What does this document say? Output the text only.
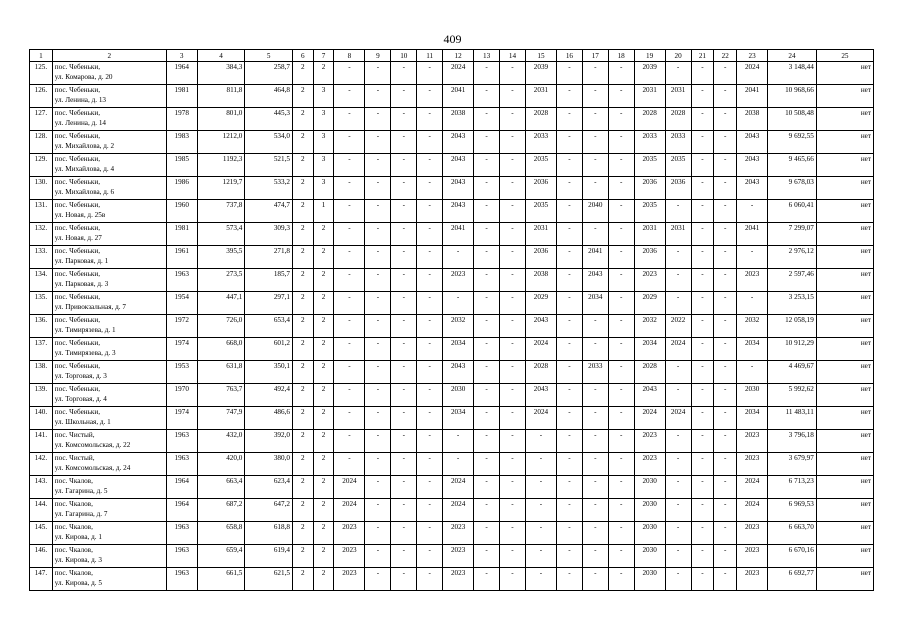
409
1	2	3	4	5	6	7	8	9	10	11	12	13	14	15	16	17	18	19	20	21	22	23	24	25
125.	пос. Чебеньки,
ул. Комарова, д. 20	1964	384,3	258,7	2	2	-	-	-	-	2024	-	-	2039	-	-	-	2039	-	-	-	2024	3 148,44	нет
126.	пос. Чебеньки,
ул. Ленина, д. 13	1981	811,8	464,8	2	3	-	-	-	-	2041	-	-	2031	-	-	-	2031	2031	-	-	2041	10 968,66	нет
127.	пос. Чебеньки,
ул. Ленина, д. 14	1978	801,0	445,3	2	3	-	-	-	-	2038	-	-	2028	-	-	-	2028	2028	-	-	2038	10 508,48	нет
128.	пос. Чебеньки,
ул. Михайлова, д. 2	1983	1212,0	534,0	2	3	-	-	-	-	2043	-	-	2033	-	-	-	2033	2033	-	-	2043	9 692,55	нет
129.	пос. Чебеньки,
ул. Михайлова, д. 4	1985	1192,3	521,5	2	3	-	-	-	-	2043	-	-	2035	-	-	-	2035	2035	-	-	2043	9 465,66	нет
130.	пос. Чебеньки,
ул. Михайлова, д. 6	1986	1219,7	533,2	2	3	-	-	-	-	2043	-	-	2036	-	-	-	2036	2036	-	-	2043	9 678,03	нет
131.	пос. Чебеньки,
ул. Новая, д. 25в	1960	737,8	474,7	2	1	-	-	-	-	2043	-	-	2035	-	2040	-	2035	-	-	-	-	6 060,41	нет
132.	пос. Чебеньки,
ул. Новая, д. 27	1981	573,4	309,3	2	2	-	-	-	-	2041	-	-	2031	-	-	-	2031	2031	-	-	2041	7 299,07	нет
133.	пос. Чебеньки,
ул. Парковая, д. 1	1961	395,5	271,8	2	2	-	-	-	-	-	-	-	2036	-	2041	-	2036	-	-	-	-	2 976,12	нет
134.	пос. Чебеньки,
ул. Парковая, д. 3	1963	273,5	185,7	2	2	-	-	-	-	2023	-	-	2038	-	2043	-	2023	-	-	-	2023	2 597,46	нет
135.	пос. Чебеньки,
ул. Привокзальная, д. 7	1954	447,1	297,1	2	2	-	-	-	-	-	-	-	2029	-	2034	-	2029	-	-	-	-	3 253,15	нет
136.	пос. Чебеньки,
ул. Тимирязева, д. 1	1972	726,0	653,4	2	2	-	-	-	-	2032	-	-	2043	-	-	-	2032	2022	-	-	2032	12 058,19	нет
137.	пос. Чебеньки,
ул. Тимирязева, д. 3	1974	668,0	601,2	2	2	-	-	-	-	2034	-	-	2024	-	-	-	2034	2024	-	-	2034	10 912,29	нет
138.	пос. Чебеньки,
ул. Торговая, д. 3	1953	631,8	350,1	2	2	-	-	-	-	2043	-	-	2028	-	2033	-	2028	-	-	-	-	4 469,67	нет
139.	пос. Чебеньки,
ул. Торговая, д. 4	1970	763,7	492,4	2	2	-	-	-	-	2030	-	-	2043	-	-	-	2043	-	-	-	2030	5 992,62	нет
140.	пос. Чебеньки,
ул. Школьная, д. 1	1974	747,9	486,6	2	2	-	-	-	-	2034	-	-	2024	-	-	-	2024	2024	-	-	2034	11 483,11	нет
141.	пос. Чистый,
ул. Комсомольская, д. 22	1963	432,0	392,0	2	2	-	-	-	-	-	-	-	-	-	-	-	2023	-	-	-	2023	3 796,18	нет
142.	пос. Чистый,
ул. Комсомольская, д. 24	1963	420,0	380,0	2	2	-	-	-	-	-	-	-	-	-	-	-	2023	-	-	-	2023	3 679,97	нет
143.	пос. Чкалов,
ул. Гагарина, д. 5	1964	663,4	623,4	2	2	2024	-	-	-	2024	-	-	-	-	-	-	2030	-	-	-	2024	6 713,23	нет
144.	пос. Чкалов,
ул. Гагарина, д. 7	1964	687,2	647,2	2	2	2024	-	-	-	2024	-	-	-	-	-	-	2030	-	-	-	2024	6 969,53	нет
145.	пос. Чкалов,
ул. Кирова, д. 1	1963	658,8	618,8	2	2	2023	-	-	-	2023	-	-	-	-	-	-	2030	-	-	-	2023	6 663,70	нет
146.	пос. Чкалов,
ул. Кирова, д. 3	1963	659,4	619,4	2	2	2023	-	-	-	2023	-	-	-	-	-	-	2030	-	-	-	2023	6 670,16	нет
147.	пос. Чкалов,
ул. Кирова, д. 5	1963	661,5	621,5	2	2	2023	-	-	-	2023	-	-	-	-	-	-	2030	-	-	-	2023	6 692,77	нет
